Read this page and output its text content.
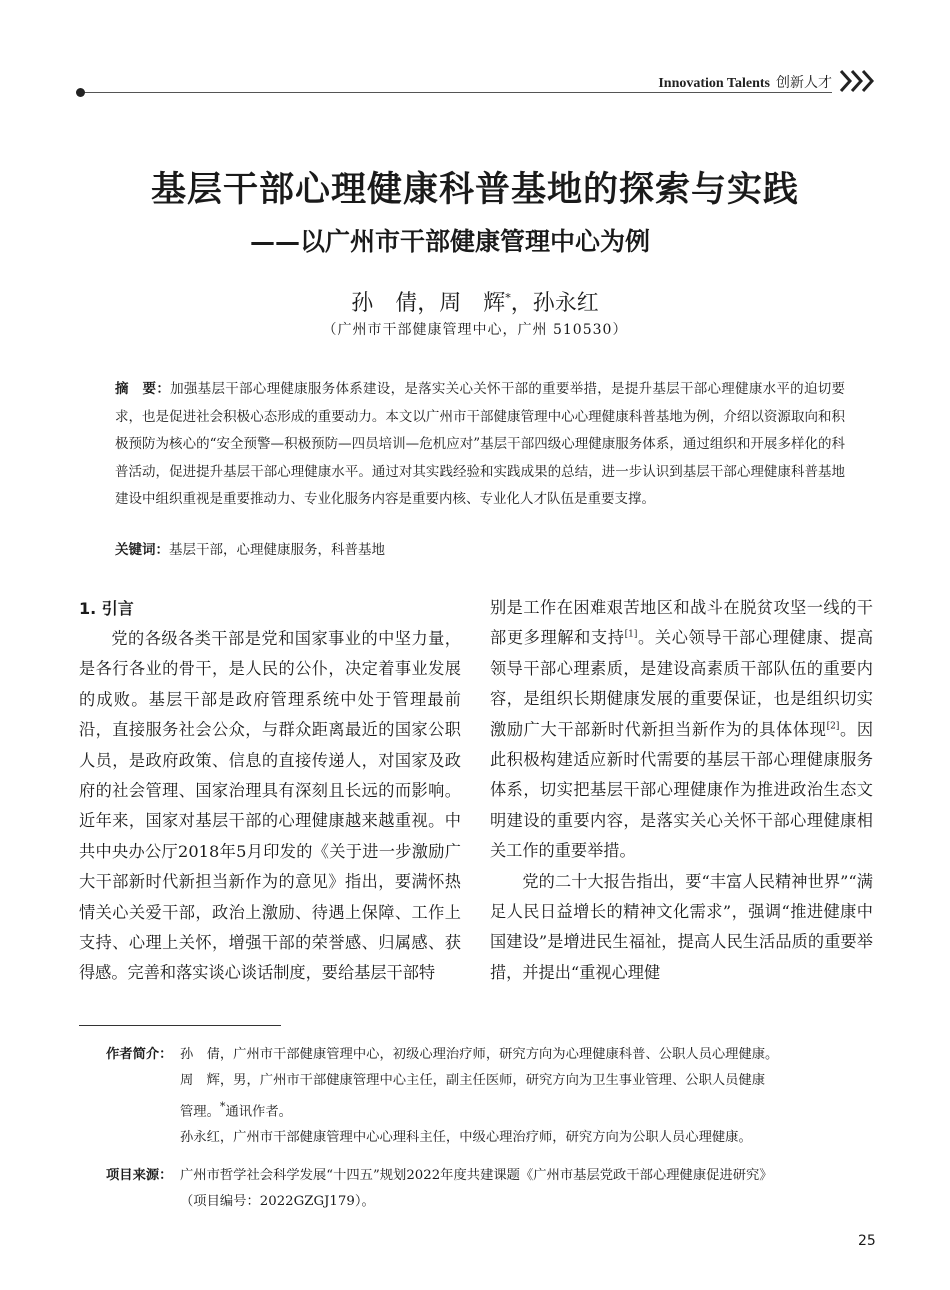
Innovation Talents 创新人才
基层干部心理健康科普基地的探索与实践
——以广州市干部健康管理中心为例
孙　倩，周　辉*，孙永红
（广州市干部健康管理中心，广州 510530）
摘　要：加强基层干部心理健康服务体系建设，是落实关心关怀干部的重要举措，是提升基层干部心理健康水平的迫切要求，也是促进社会积极心态形成的重要动力。本文以广州市干部健康管理中心心理健康科普基地为例，介绍以资源取向和积极预防为核心的“安全预警—积极预防—四员培训—危机应对”基层干部四级心理健康服务体系，通过组织和开展多样化的科普活动，促进提升基层干部心理健康水平。通过对其实践经验和实践成果的总结，进一步认识到基层干部心理健康科普基地建设中组织重视是重要推动力、专业化服务内容是重要内核、专业化人才队伍是重要支撑。
关键词：基层干部，心理健康服务，科普基地
1. 引言

党的各级各类干部是党和国家事业的中坚力量，是各行各业的骨干，是人民的公仆，决定着事业发展的成败。基层干部是政府管理系统中处于管理最前沿，直接服务社会公众，与群众距离最近的国家公职人员，是政府政策、信息的直接传递人，对国家及政府的社会管理、国家治理具有深刻且长远的而影响。近年来，国家对基层干部的心理健康越来越重视。中共中央办公厅2018年5月印发的《关于进一步激励广大干部新时代新担当新作为的意见》指出，要满怀热情关心关爱干部，政治上激励、待遇上保障、工作上支持、心理上关怀，增强干部的荣誉感、归属感、获得感。完善和落实谈心谈话制度，要给基层干部特

别是工作在困难艰苦地区和战斗在脱贫攻坚一线的干部更多理解和支持[1]。关心领导干部心理健康、提高领导干部心理素质，是建设高素质干部队伍的重要内容，是组织长期健康发展的重要保证，也是组织切实激励广大干部新时代新担当新作为的具体体现[2]。因此积极构建适应新时代需要的基层干部心理健康服务体系，切实把基层干部心理健康作为推进政治生态文明建设的重要内容，是落实关心关怀干部心理健康相关工作的重要举措。

党的二十大报告指出，要“丰富人民精神世界”“满足人民日益增长的精神文化需求”，强调“推进健康中国建设”是增进民生福祉，提高人民生活品质的重要举措，并提出“重视心理健

作者简介： 孙　倩，广州市干部健康管理中心，初级心理治疗师，研究方向为心理健康科普、公职人员心理健康。
周　辉，男，广州市干部健康管理中心主任，副主任医师，研究方向为卫生事业管理、公职人员健康
管理。*通讯作者。
孙永红，广州市干部健康管理中心心理科主任，中级心理治疗师，研究方向为公职人员心理健康。
项目来源： 广州市哲学社会科学发展“十四五”规划2022年度共建课题《广州市基层党政干部心理健康促进研究》
（项目编号：2022GZGJ179）。
25
